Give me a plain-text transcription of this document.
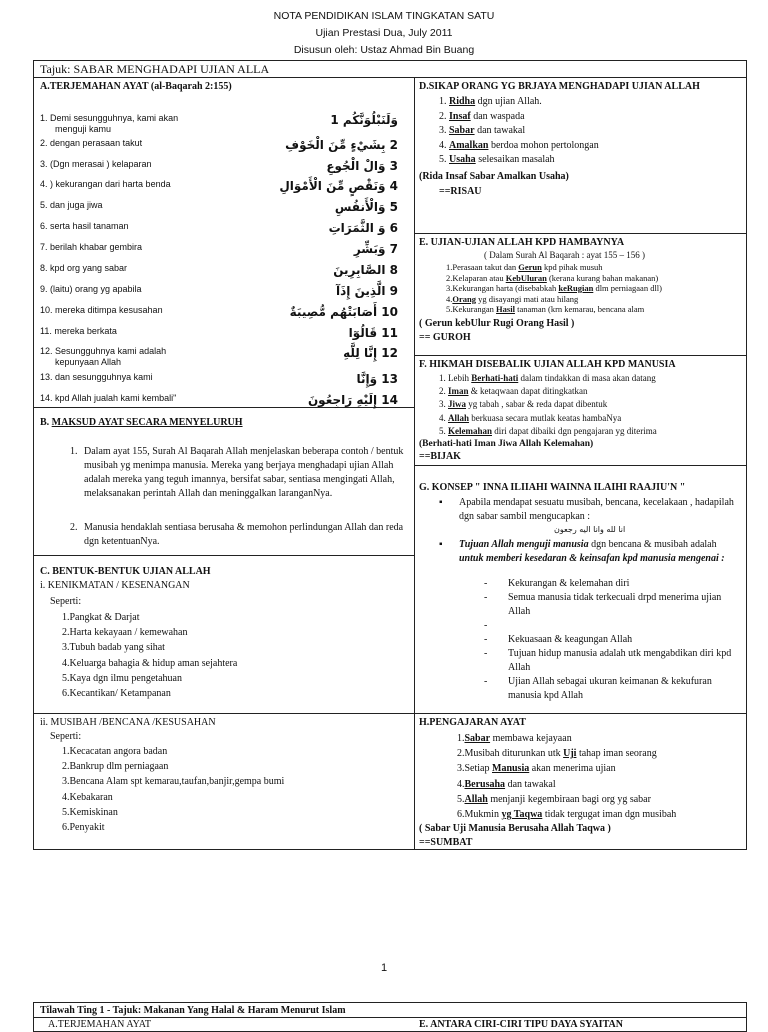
NOTA PENDIDIKAN ISLAM TINGKATAN SATU
Ujian Prestasi Dua, July 2011
Disusun oleh: Ustaz Ahmad Bin Buang
Tajuk: SABAR MENGHADAPI UJIAN ALLA
A.TERJEMAHAN AYAT (al-Baqarah 2:155)
1. Demi sesungguhnya, kami akan
menguji kamu
وَلَنَبْلُوَنَّكُم 1
2. dengan perasaan takut	2 بِشَيْءٍ مِّنَ الْخَوْفِ
3. (Dgn merasai ) kelaparan	3 وَالْ الْجُوعِ
4. ) kekurangan dari harta benda	4 وَنَقْصٍ مِّنَ الْأَمْوَالِ
5. dan juga jiwa	5 وَالْأَنفُسِ
6. serta hasil tanaman	6 وَ الثَّمَرَاتِ
7. berilah khabar gembira	7 وَبَشِّرِ
8. kpd org yang sabar	8 الصَّابِرِينَ
9. (laitu) orang yg apabila	9 الَّذِينَ إِذَآ
10. mereka ditimpa kesusahan	10 أَصَابَتْهُم مُّصِيبَةٌ
11. mereka berkata	11 قَالُوٓا
12. Sesungguhnya kami adalah
kepunyaan Allah
12 إِنَّا لِلَّهِ
13. dan sesungguhnya kami	13 وَإِنَّا
14. kpd Allah jualah kami kembali"	14 إِلَيْهِ رَاجِعُونَ
B. MAKSUD AYAT SECARA MENYELURUH
1. Dalam ayat 155, Surah Al Baqarah Allah menjelaskan beberapa contoh / bentuk musibah yg menimpa manusia. Mereka yang berjaya menghadapi ujian Allah adalah mereka yang teguh imannya, bersifat sabar, sentiasa mengingati Allah, melaksanakan perintah Allah dan meninggalkan laranganNya.
2. Manusia hendaklah sentiasa berusaha & memohon perlindungan Allah dan reda dgn ketentuanNya.
C. BENTUK-BENTUK UJIAN ALLAH
i. KENIKMATAN / KESENANGAN
Seperti:
1.Pangkat & Darjat
2.Harta kekayaan / kemewahan
3.Tubuh badab yang sihat
4.Keluarga bahagia & hidup aman sejahtera
5.Kaya dgn ilmu pengetahuan
6.Kecantikan/ Ketampanan
ii. MUSIBAH /BENCANA /KESUSAHAN
Seperti:
1.Kecacatan angora badan
2.Bankrup dlm perniagaan
3.Bencana Alam spt kemarau,taufan,banjir,gempa bumi
4.Kebakaran
5.Kemiskinan
6.Penyakit
D.SIKAP ORANG YG BRJAYA MENGHADAPI UJIAN ALLAH
1. Ridha dgn ujian Allah.
2. Insaf dan waspada
3. Sabar dan tawakal
4. Amalkan berdoa mohon pertolongan
5. Usaha selesaikan masalah
(Rida Insaf Sabar Amalkan Usaha)
==RISAU
E. UJIAN-UJIAN ALLAH KPD HAMBAYNYA
( Dalam Surah Al Baqarah : ayat 155 – 156 )
1.Perasaan takut dan Gerun kpd pihak musuh
2.Kelaparan atau KebUluran (kerana kurang bahan makanan)
3.Kekurangan harta (disebabkah keRugian dlm perniagaan dll)
4.Orang yg disayangi mati atau hilang
5.Kekurangan Hasil tanaman (krn kemarau, bencana alam
( Gerun kebUlur Rugi Orang Hasil )
== GUROH
F. HIKMAH DISEBALIK UJIAN ALLAH KPD MANUSIA
1. Lebih Berhati-hati dalam tindakkan di masa akan datang
2. Iman & ketaqwaan dapat ditingkatkan
3. Jiwa yg tabah , sabar & reda dapat dibentuk
4. Allah berkuasa secara mutlak keatas hambaNya
5. Kelemahan diri dapat dibaiki dgn pengajaran yg diterima
(Berhati-hati Iman Jiwa Allah Kelemahan)
==BIJAK
G. KONSEP " INNA ILIIAHI WAINNA ILAIHI RAAJIU'N "
▪	Apabila mendapat sesuatu musibah, bencana, kecelakaan , hadapilah dgn sabar sambil mengucapkan :
انا لله وانا اليه رجعون
▪	Tujuan Allah menguji manusia dgn bencana & musibah adalah untuk memberi kesedaran & keinsafan kpd manusia mengenai :
-	Kekurangan & kelemahan diri
-	Semua manusia tidak terkecuali drpd menerima ujian Allah
-
-	Kekuasaan & keagungan Allah
-	Tujuan hidup manusia adalah utk mengabdikan diri kpd Allah
-	Ujian Allah sebagai ukuran keimanan & kekufuran manusia kpd Allah
H.PENGAJARAN AYAT
1.Sabar membawa kejayaan
2.Musibah diturunkan utk Uji tahap iman seorang
3.Setiap Manusia akan menerima ujian
4.Berusaha dan tawakal
5.Allah menjanji kegembiraan bagi org yg sabar
6.Mukmin yg Taqwa tidak tergugat iman dgn musibah
( Sabar Uji Manusia Berusaha Allah Taqwa )
==SUMBAT
1
Tilawah Ting 1 - Tajuk: Makanan Yang Halal & Haram Menurut Islam
A.TERJEMAHAN AYAT	E. ANTARA CIRI-CIRI TIPU DAYA SYAITAN
